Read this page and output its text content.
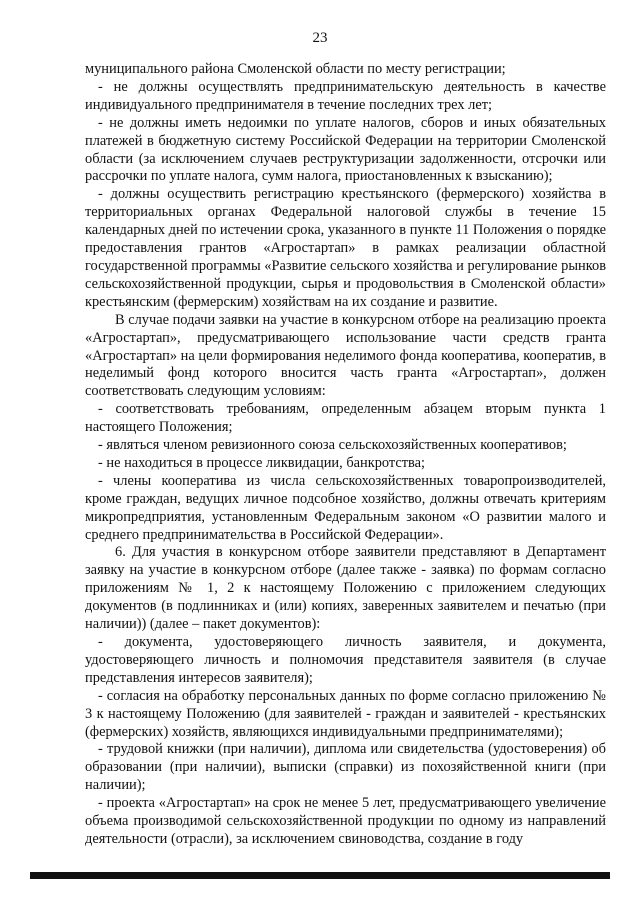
23

муниципального района Смоленской области по месту регистрации;

- не должны осуществлять предпринимательскую деятельность в качестве индивидуального предпринимателя в течение последних трех лет;

- не должны иметь недоимки по уплате налогов, сборов и иных обязательных платежей в бюджетную систему Российской Федерации на территории Смоленской области (за исключением случаев реструктуризации задолженности, отсрочки или рассрочки по уплате налога, сумм налога, приостановленных к взысканию);

- должны осуществить регистрацию крестьянского (фермерского) хозяйства в территориальных органах Федеральной налоговой службы в течение 15 календарных дней по истечении срока, указанного в пункте 11 Положения о порядке предоставления грантов «Агростартап» в рамках реализации областной государственной программы «Развитие сельского хозяйства и регулирование рынков сельскохозяйственной продукции, сырья и продовольствия в Смоленской области» крестьянским (фермерским) хозяйствам на их создание и развитие.

В случае подачи заявки на участие в конкурсном отборе на реализацию проекта «Агростартап», предусматривающего использование части средств гранта «Агростартап» на цели формирования неделимого фонда кооператива, кооператив, в неделимый фонд которого вносится часть гранта «Агростартап», должен соответствовать следующим условиям:

- соответствовать требованиям, определенным абзацем вторым пункта 1 настоящего Положения;

- являться членом ревизионного союза сельскохозяйственных кооперативов;

- не находиться в процессе ликвидации, банкротства;

- члены кооператива из числа сельскохозяйственных товаропроизводителей, кроме граждан, ведущих личное подсобное хозяйство, должны отвечать критериям микропредприятия, установленным Федеральным законом «О развитии малого и среднего предпринимательства в Российской Федерации».

6. Для участия в конкурсном отборе заявители представляют в Департамент заявку на участие в конкурсном отборе (далее также - заявка) по формам согласно приложениям № 1, 2 к настоящему Положению с приложением следующих документов (в подлинниках и (или) копиях, заверенных заявителем и печатью (при наличии)) (далее – пакет документов):

- документа, удостоверяющего личность заявителя, и документа, удостоверяющего личность и полномочия представителя заявителя (в случае представления интересов заявителя);

- согласия на обработку персональных данных по форме согласно приложению № 3 к настоящему Положению (для заявителей - граждан и заявителей - крестьянских (фермерских) хозяйств, являющихся индивидуальными предпринимателями);

- трудовой книжки (при наличии), диплома или свидетельства (удостоверения) об образовании (при наличии), выписки (справки) из похозяйственной книги (при наличии);

- проекта «Агростартап» на срок не менее 5 лет, предусматривающего увеличение объема производимой сельскохозяйственной продукции по одному из направлений деятельности (отрасли), за исключением свиноводства, создание в году
